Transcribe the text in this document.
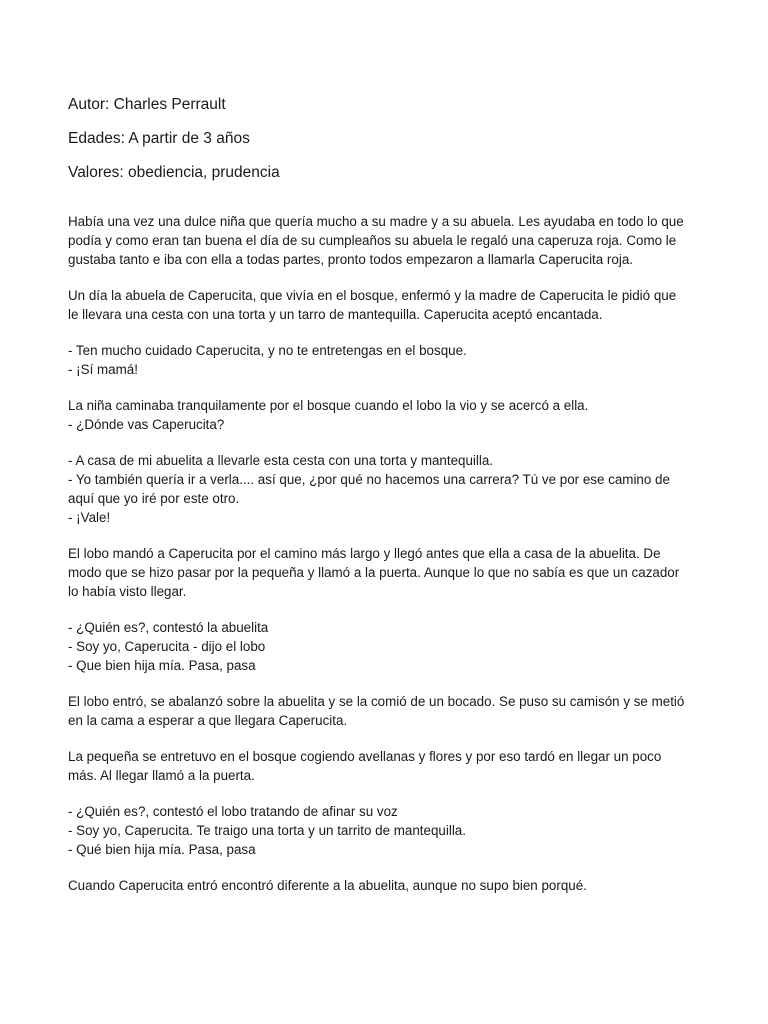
Autor: Charles Perrault

Edades: A partir de 3 años

Valores: obediencia, prudencia

Había una vez una dulce niña que quería mucho a su madre y a su abuela. Les ayudaba en todo lo que
podía y como eran tan buena el día de su cumpleaños su abuela le regaló una caperuza roja. Como le
gustaba tanto e iba con ella a todas partes, pronto todos empezaron a llamarla Caperucita roja.

Un día la abuela de Caperucita, que vivía en el bosque, enfermó y la madre de Caperucita le pidió que
le llevara una cesta con una torta y un tarro de mantequilla. Caperucita aceptó encantada.

- Ten mucho cuidado Caperucita, y no te entretengas en el bosque.
- ¡Sí mamá!

La niña caminaba tranquilamente por el bosque cuando el lobo la vio y se acercó a ella.
- ¿Dónde vas Caperucita?

- A casa de mi abuelita a llevarle esta cesta con una torta y mantequilla.
- Yo también quería ir a verla.... así que, ¿por qué no hacemos una carrera? Tú ve por ese camino de
aquí que yo iré por este otro.
- ¡Vale!

El lobo mandó a Caperucita por el camino más largo y llegó antes que ella a casa de la abuelita. De
modo que se hizo pasar por la pequeña y llamó a la puerta. Aunque lo que no sabía es que un cazador
lo había visto llegar.

- ¿Quién es?, contestó la abuelita
- Soy yo, Caperucita - dijo el lobo
- Que bien hija mía. Pasa, pasa

El lobo entró, se abalanzó sobre la abuelita y se la comió de un bocado. Se puso su camisón y se metió
en la cama a esperar a que llegara Caperucita.

La pequeña se entretuvo en el bosque cogiendo avellanas y flores y por eso tardó en llegar un poco
más. Al llegar llamó a la puerta.

- ¿Quién es?, contestó el lobo tratando de afinar su voz
- Soy yo, Caperucita. Te traigo una torta y un tarrito de mantequilla.
- Qué bien hija mía. Pasa, pasa

Cuando Caperucita entró encontró diferente a la abuelita, aunque no supo bien porqué.
